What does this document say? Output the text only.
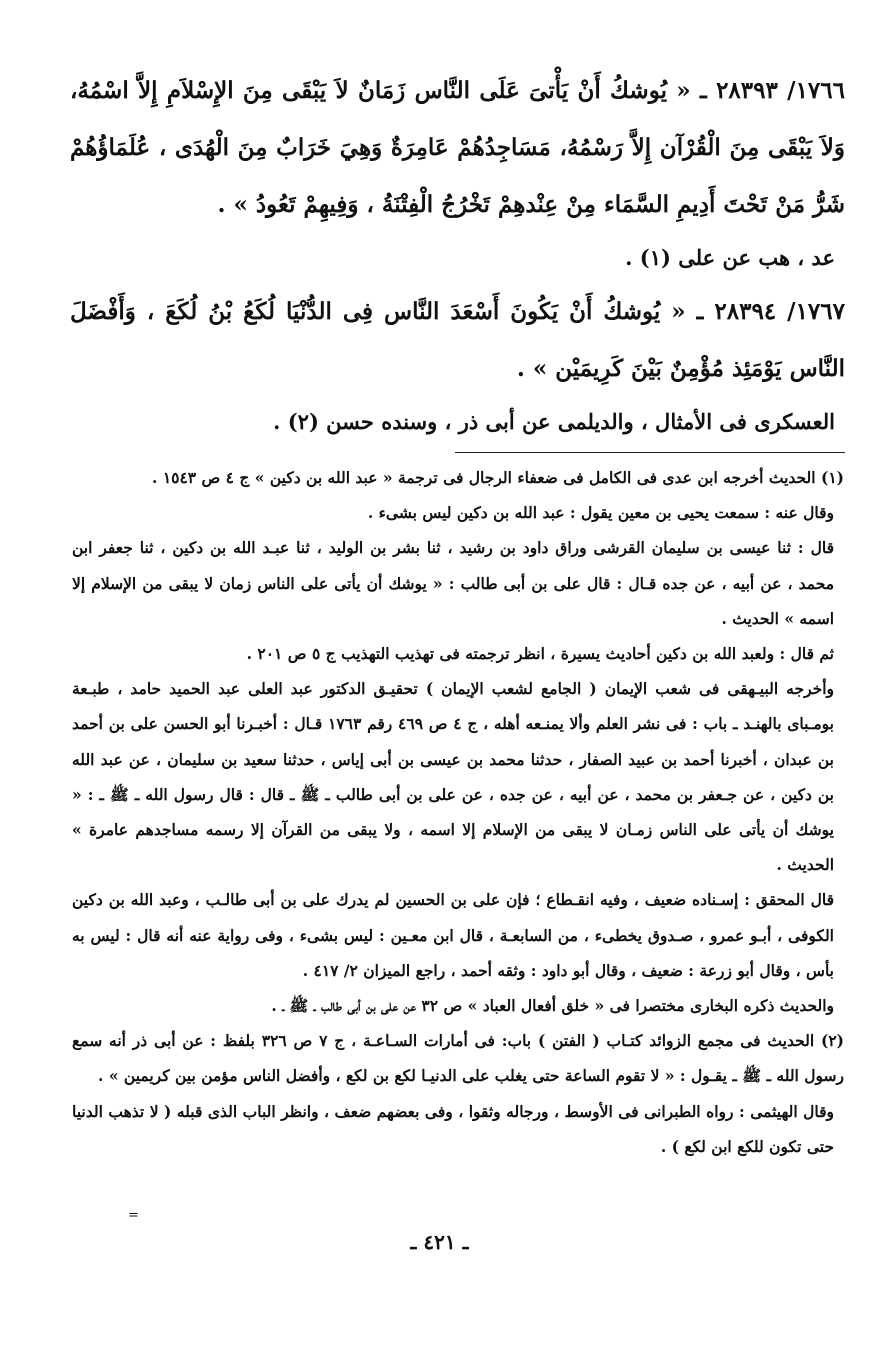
١٧٦٦/ ٢٨٣٩٣ ـ « يُوشكُ أَنْ يَأْتىَ عَلَى النَّاس زَمَانٌ لاَ يَبْقَى مِنَ الإِسْلاَمِ إِلاَّ اسْمُهُ، وَلاَ يَبْقَى مِنَ الْقُرْآن إِلاَّ رَسْمُهُ، مَسَاجِدُهُمْ عَامِرَةٌ وَهِيَ خَرَابٌ مِنَ الْهُدَى ، عُلَمَاؤُهُمْ شَرُّ مَنْ تَحْتَ أَدِيمِ السَّمَاء مِنْ عِنْدهِمْ تَخْرُجُ الْفِتْنَةُ ، وَفِيهِمْ تَعُودُ » .

عد ، هب عن على (١) .

١٧٦٧/ ٢٨٣٩٤ ـ « يُوشكُ أَنْ يَكُونَ أَسْعَدَ النَّاس فِى الدُّنْيَا لُكَعُ بْنُ لُكَعَ ، وَأَفْضَلَ النَّاس يَوْمَئِذ مُؤْمِنٌ بَيْنَ كَرِيمَيْن » .

العسكرى فى الأمثال ، والديلمى عن أبى ذر ، وسنده حسن (٢) .

(١) الحديث أخرجه ابن عدى فى الكامل فى ضعفاء الرجال فى ترجمة « عبد الله بن دكين » ج ٤ ص ١٥٤٣ .

وقال عنه : سمعت يحيى بن معين يقول : عبد الله بن دكين ليس بشىء .

قال : ثنا عيسى بن سليمان القرشى وراق داود بن رشيد ، ثنا بشر بن الوليد ، ثنا عبـد الله بن دكين ، ثنا جعفر ابن محمد ، عن أبيه ، عن جده قـال : قال على بن أبى طالب : « يوشك أن يأتى على الناس زمان لا يبقى من الإسلام إلا اسمه » الحديث .

ثم قال : ولعبد الله بن دكين أحاديث يسيرة ، انظر ترجمته فى تهذيب التهذيب ج ٥ ص ٢٠١ .

وأخرجه البيـهقى فى شعب الإيمان ( الجامع لشعب الإيمان ) تحقيـق الدكتور عبد العلى عبد الحميد حامد ، طبـعة بومـباى بالهنـد ـ باب : فى نشر العلم وألا يمنـعه أهله ، ج ٤ ص ٤٦٩ رقم ١٧٦٣ قـال : أخبـرنا أبو الحسن على بن أحمد بن عبدان ، أخبرنا أحمد بن عبيد الصفار ، حدثنا محمد بن عيسى بن أبى إياس ، حدثنا سعيد بن سليمان ، عن عبد الله بن دكين ، عن جـعفر بن محمد ، عن أبيه ، عن جده ، عن على بن أبى طالب ـ ﷺ ـ قال : قال رسول الله ـ ﷺ ـ : « يوشك أن يأتى على الناس زمـان لا يبقى من الإسلام إلا اسمه ، ولا يبقى من القرآن إلا رسمه مساجدهم عامرة » الحديث .

قال المحقق : إسـناده ضعيف ، وفيه انقـطاع ؛ فإن على بن الحسين لم يدرك على بن أبى طالـب ، وعبد الله بن دكين الكوفى ، أبـو عمرو ، صـدوق يخطىء ، من السابعـة ، قال ابن معـين : ليس بشىء ، وفى رواية عنه أنه قال : ليس به بأس ، وقال أبو زرعة : ضعيف ، وقال أبو داود : وثقه أحمد ، راجع الميزان ٢/ ٤١٧ .

والحديث ذكره البخارى مختصرا فى « خلق أفعال العباد » ص ٣٢ عن على بن أبى طالب ـ ﷺ ـ .

(٢) الحديث فى مجمع الزوائد كتـاب ( الفتن ) باب: فى أمارات السـاعـة ، ج ٧ ص ٣٢٦ بلفظ : عن أبى ذر أنه سمع رسول الله ـ ﷺ ـ يقـول : « لا تقوم الساعة حتى يغلب على الدنيـا لكع بن لكع ، وأفضل الناس مؤمن بين كريمين » .

وقال الهيثمى : رواه الطبرانى فى الأوسط ، ورجاله وثقوا ، وفى بعضهم ضعف ، وانظر الباب الذى قبله ( لا تذهب الدنيا حتى تكون للكع ابن لكع ) .

=
ـ ٤٢١ ـ
